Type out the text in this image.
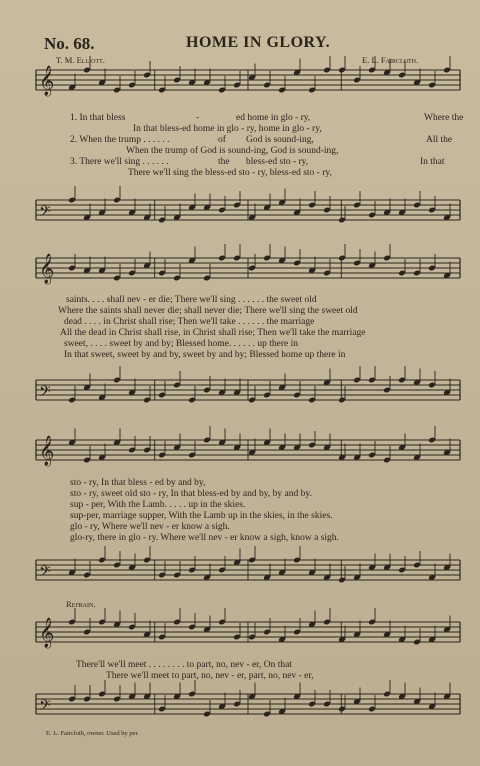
No. 68.	HOME IN GLORY.
T. M. Elliott.	E. L. Faircloth.
𝄞
1. In that bless	-	ed home in glo - ry,	Where the
In that bless-ed home in glo - ry, home in glo - ry,
2. When the trump . . . . . .	of God is sound-ing,	All the
When the trump of God is sound-ing, God is sound-ing,
3. There we'll sing . . . . . .	the bless-ed sto - ry,	In that
There we'll sing the bless-ed sto - ry, bless-ed sto - ry,
𝄢
𝄞
saints. . . . shall nev - er die; There we'll sing . . . . . . the sweet old
Where the saints shall never die; shall never die; There we'll sing the sweet old
dead . . . . in Christ shall rise; Then we'll take . . . . . . the marriage
All the dead in Christ shall rise, in Christ shall rise; Then we'll take the marriage
sweet, . . . . sweet by and by; Blessed home. . . . . . up there in
In that sweet, sweet by and by, sweet by and by; Blessed home up there in
𝄢
𝄞
sto - ry, In that bless - ed by and by,
sto - ry, sweet old sto - ry, In that bless-ed by and by, by and by.
sup - per, With the Lamb. . . . . up in the skies.
sup-per, marriage supper, With the Lamb up in the skies, in the skies.
glo - ry, Where we'll nev - er know a sigh.
glo-ry, there in glo - ry. Where we'll nev - er know a sigh, know a sigh.
𝄢
Refrain.
𝄞
There'll we'll meet . . . . . . . . to part, no, nev - er, On that
There we'll meet to part, no, nev - er, part, no, nev - er,
𝄢
E. L. Faircloth, owner. Used by per.
